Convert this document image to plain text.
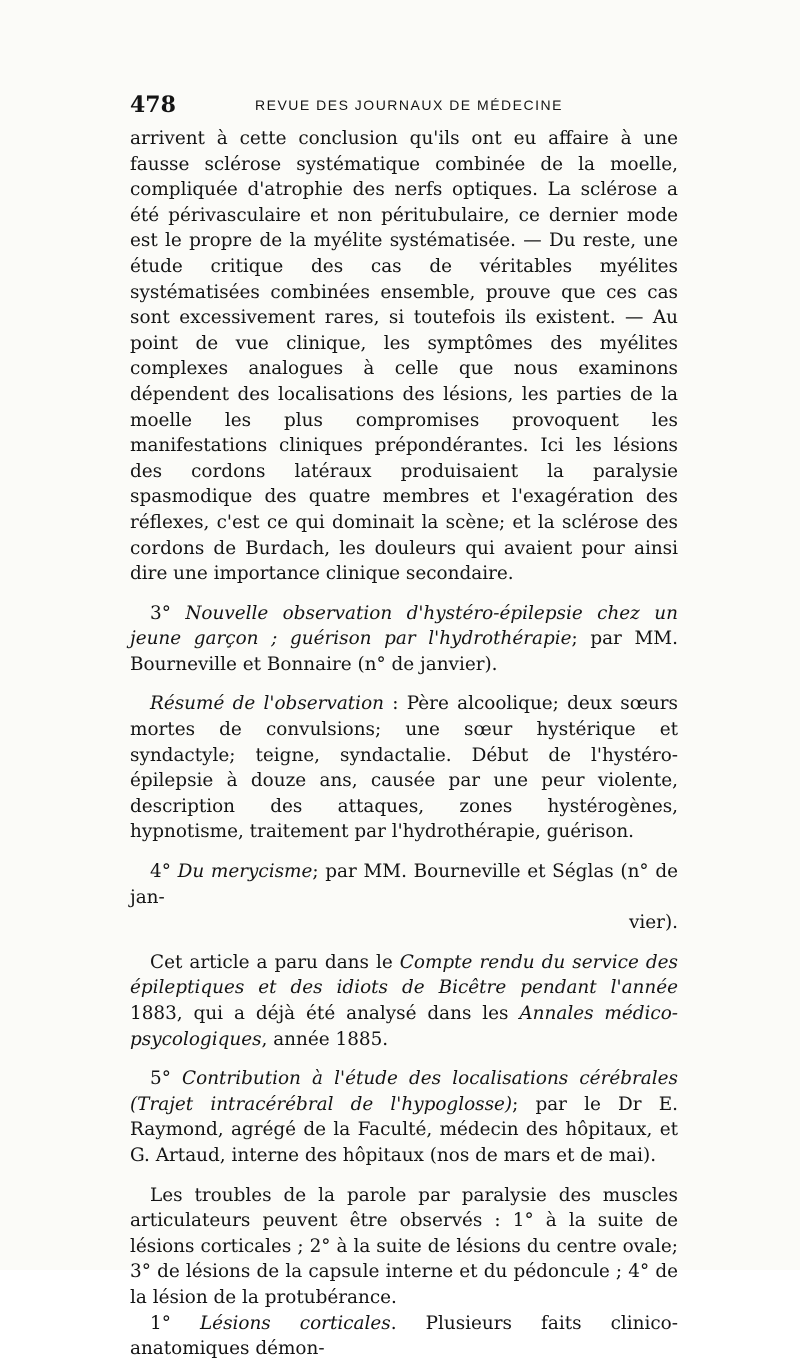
478	REVUE DES JOURNAUX DE MÉDECINE

arrivent à cette conclusion qu'ils ont eu affaire à une fausse sclérose systématique combinée de la moelle, compliquée d'atrophie des nerfs optiques. La sclérose a été périvasculaire et non péritubulaire, ce dernier mode est le propre de la myélite systématisée. — Du reste, une étude critique des cas de véritables myélites systématisées combinées ensemble, prouve que ces cas sont excessivement rares, si toutefois ils existent. — Au point de vue clinique, les symptômes des myélites complexes analogues à celle que nous examinons dépendent des localisations des lésions, les parties de la moelle les plus compromises provoquent les manifestations cliniques prépondérantes. Ici les lésions des cordons latéraux produisaient la paralysie spasmodique des quatre membres et l'exagération des réflexes, c'est ce qui dominait la scène; et la sclérose des cordons de Burdach, les douleurs qui avaient pour ainsi dire une importance clinique secondaire.

3° Nouvelle observation d'hystéro-épilepsie chez un jeune garçon ; guérison par l'hydrothérapie; par MM. Bourneville et Bonnaire (n° de janvier).

Résumé de l'observation : Père alcoolique; deux sœurs mortes de convulsions; une sœur hystérique et syndactyle; teigne, syndactalie. Début de l'hystéro-épilepsie à douze ans, causée par une peur violente, description des attaques, zones hystérogènes, hypnotisme, traitement par l'hydrothérapie, guérison.

4° Du merycisme; par MM. Bourneville et Séglas (n° de jan-
vier).

Cet article a paru dans le Compte rendu du service des épileptiques et des idiots de Bicêtre pendant l'année 1883, qui a déjà été analysé dans les Annales médico-psycologiques, année 1885.

5° Contribution à l'étude des localisations cérébrales (Trajet intracérébral de l'hypoglosse); par le Dr E. Raymond, agrégé de la Faculté, médecin des hôpitaux, et G. Artaud, interne des hôpitaux (nos de mars et de mai).

Les troubles de la parole par paralysie des muscles articulateurs peuvent être observés : 1° à la suite de lésions corticales ; 2° à la suite de lésions du centre ovale; 3° de lésions de la capsule interne et du pédoncule ; 4° de la lésion de la protubérance.

1° Lésions corticales. Plusieurs faits clinico-anatomiques démon-
